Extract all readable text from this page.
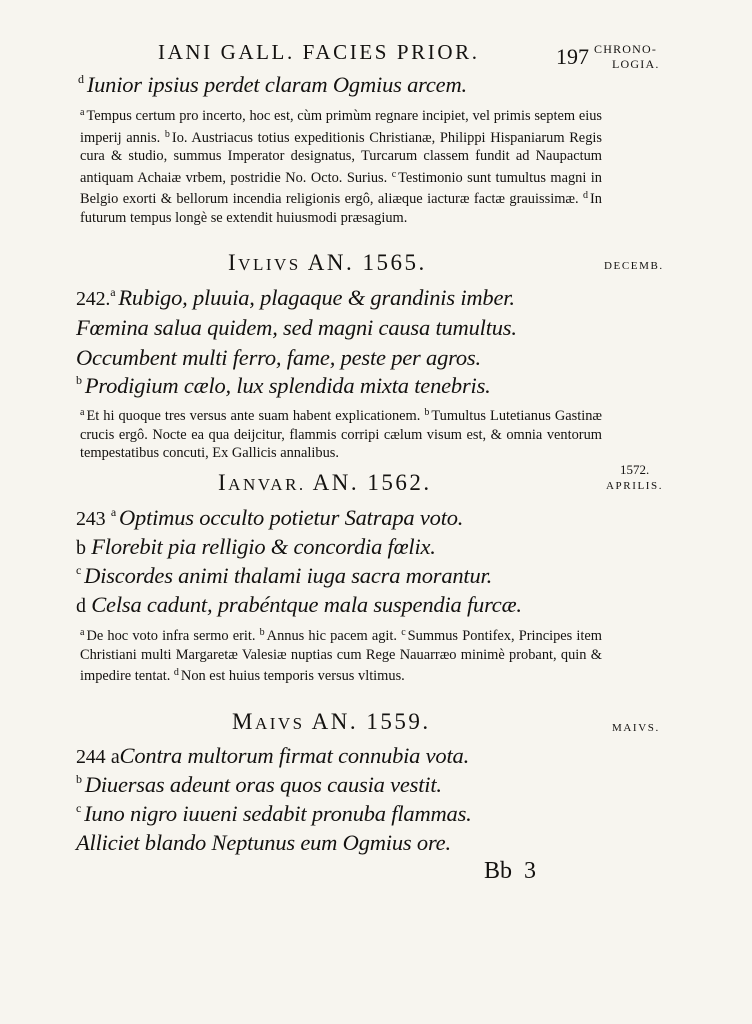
IANI GALL. FACIES PRIOR.	197 CHRONO-
LOGIA.
$^d$ Iunior ipsius perdet claram Ogmius arcem.
$^a$ Tempus certum pro incerto, hoc est, cùm primùm regnare incipiet, vel primis septem eius imperij annis. $^b$ Io. Austriacus totius expeditionis Christianæ, Philippi Hispaniarum Regis cura & studio, summus Imperator designatus, Turcarum classem fundit ad Naupactum antiquam Achaiæ vrbem, postridie No. Octo. Surius. $^c$ Testimonio sunt tumultus magni in Belgio exorti & bellorum incendia religionis ergô, aliæque iacturæ factæ grauissimæ. $^d$ In futurum tempus longè se extendit huiusmodi præsagium.
IVLIVS AN. 1565.	DECEMB.
242.$^a$ Rubigo, pluuia, plagaque & grandinis imber.
Fœmina salua quidem, sed magni causa tumultus.
Occumbent multi ferro, fame, peste per agros.
$^b$ Prodigium cælo, lux splendida mixta tenebris.
$^a$ Et hi quoque tres versus ante suam habent explicationem. $^b$ Tumultus Lutetianus Gastinæ crucis ergô. Nocte ea qua deijcitur, flammis corripi cælum visum est, & omnia ventorum tempestatibus concuti, Ex Gallicis annalibus.
IANVAR. AN. 1562.
1572.
APRILIS.
243 $^a$ Optimus occulto potietur Satrapa voto.
b Florebit pia relligio & concordia fœlix.
$^c$ Discordes animi thalami iuga sacra morantur.
d Celsa cadunt, prabéntque mala suspendia furcæ.
$^a$ De hoc voto infra sermo erit. $^b$ Annus hic pacem agit. $^c$ Summus Pontifex, Principes item Christiani multi Margaretæ Valesiæ nuptias cum Rege Nauarræo minimè probant, quin & impedire tentat. $^d$ Non est huius temporis versus vltimus.
MAIVS AN. 1559.	MAIVS.
244 aContra multorum firmat connubia vota.
$^b$ Diuersas adeunt oras quos causia vestit.
$^c$ Iuno nigro iuueni sedabit pronuba flammas.
Alliciet blando Neptunus eum Ogmius ore.
Bb 3
